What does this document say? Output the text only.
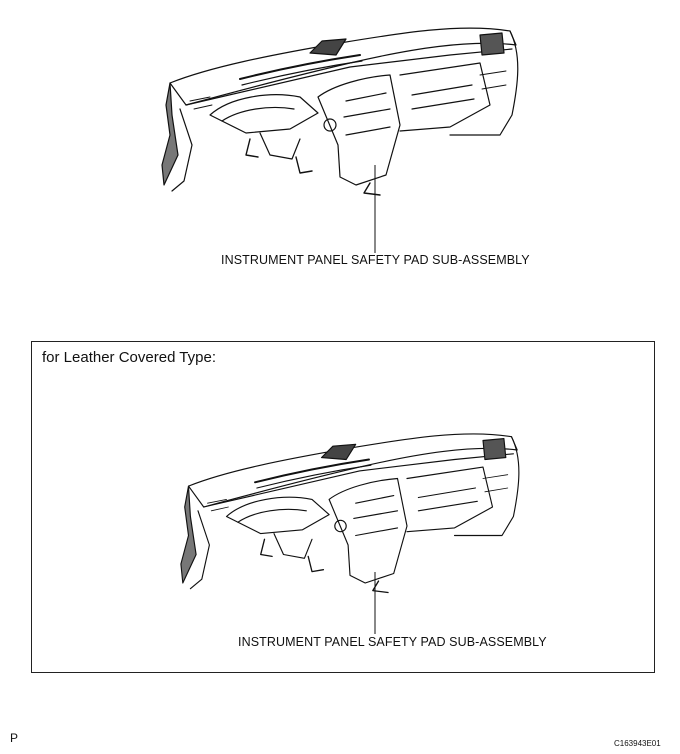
INSTRUMENT PANEL SAFETY PAD SUB-ASSEMBLY
for Leather Covered Type:
INSTRUMENT PANEL SAFETY PAD SUB-ASSEMBLY
P	C163943E01
